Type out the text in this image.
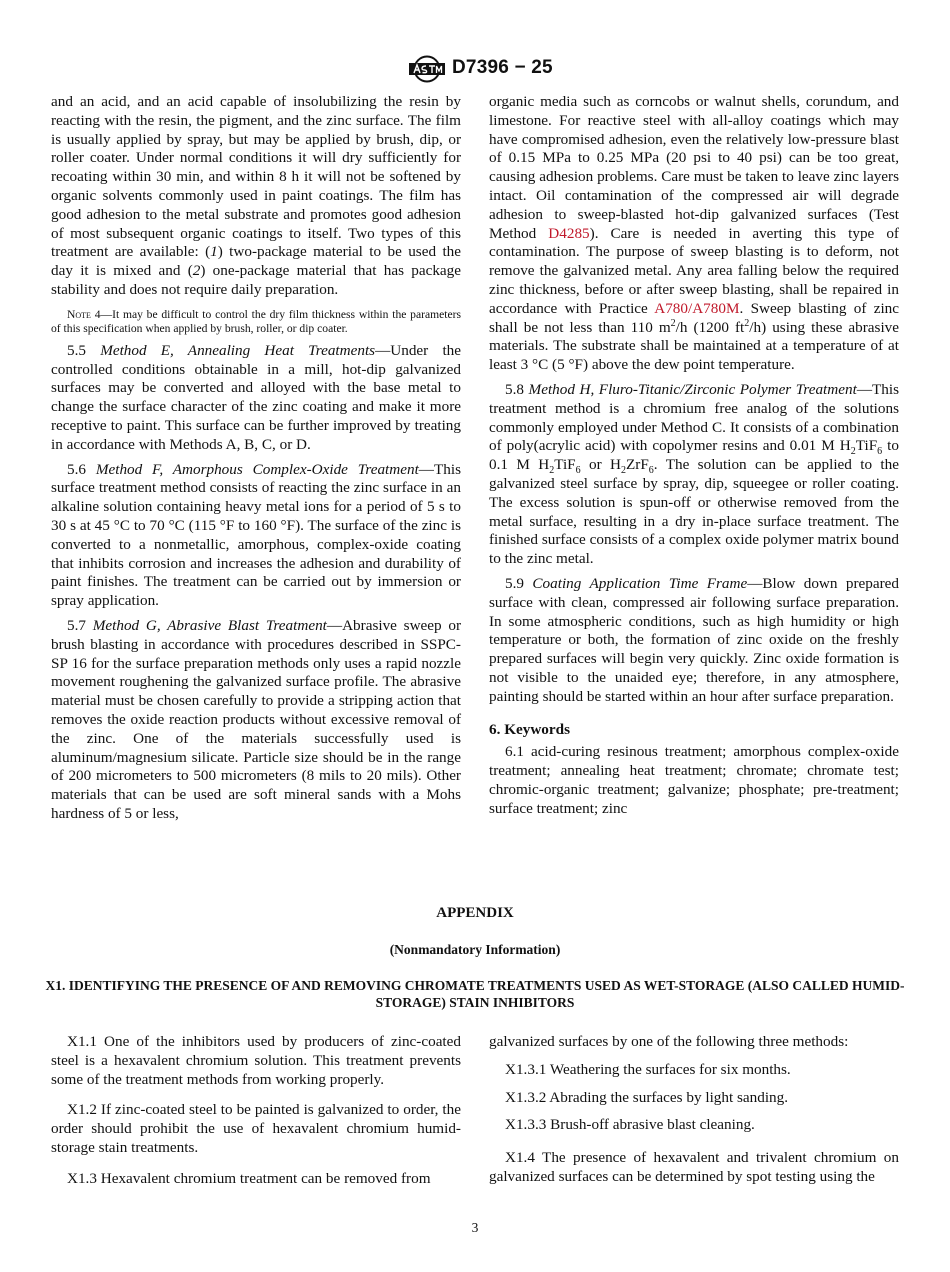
D7396 − 25

and an acid, and an acid capable of insolubilizing the resin by reacting with the resin, the pigment, and the zinc surface. The film is usually applied by spray, but may be applied by brush, dip, or roller coater. Under normal conditions it will dry sufficiently for recoating within 30 min, and within 8 h it will not be softened by organic solvents commonly used in paint coatings. The film has good adhesion to the metal substrate and promotes good adhesion of most subsequent organic coatings to itself. Two types of this treatment are available: (1) two-package material to be used the day it is mixed and (2) one-package material that has package stability and does not require daily preparation.

Note 4—It may be difficult to control the dry film thickness within the parameters of this specification when applied by brush, roller, or dip coater.

5.5 Method E, Annealing Heat Treatments—Under the controlled conditions obtainable in a mill, hot-dip galvanized surfaces may be converted and alloyed with the base metal to change the surface character of the zinc coating and make it more receptive to paint. This surface can be further improved by treating in accordance with Methods A, B, C, or D.

5.6 Method F, Amorphous Complex-Oxide Treatment—This surface treatment method consists of reacting the zinc surface in an alkaline solution containing heavy metal ions for a period of 5 s to 30 s at 45 °C to 70 °C (115 °F to 160 °F). The surface of the zinc is converted to a nonmetallic, amorphous, complex-oxide coating that inhibits corrosion and increases the adhesion and durability of paint finishes. The treatment can be carried out by immersion or spray application.

5.7 Method G, Abrasive Blast Treatment—Abrasive sweep or brush blasting in accordance with procedures described in SSPC-SP 16 for the surface preparation methods only uses a rapid nozzle movement roughening the galvanized surface profile. The abrasive material must be chosen carefully to provide a stripping action that removes the oxide reaction products without excessive removal of the zinc. One of the materials successfully used is aluminum/magnesium silicate. Particle size should be in the range of 200 micrometers to 500 micrometers (8 mils to 20 mils). Other materials that can be used are soft mineral sands with a Mohs hardness of 5 or less,

organic media such as corncobs or walnut shells, corundum, and limestone. For reactive steel with all-alloy coatings which may have compromised adhesion, even the relatively low-pressure blast of 0.15 MPa to 0.25 MPa (20 psi to 40 psi) can be too great, causing adhesion problems. Care must be taken to leave zinc layers intact. Oil contamination of the compressed air will degrade adhesion to sweep-blasted hot-dip galvanized surfaces (Test Method D4285). Care is needed in averting this type of contamination. The purpose of sweep blasting is to deform, not remove the galvanized metal. Any area falling below the required zinc thickness, before or after sweep blasting, shall be repaired in accordance with Practice A780/A780M. Sweep blasting of zinc shall be not less than 110 $m^2/h$ (1200 $ft^2/h$) using these abrasive materials. The substrate shall be maintained at a temperature of at least 3 °C (5 °F) above the dew point temperature.

5.8 Method H, Fluro-Titanic/Zirconic Polymer Treatment—This treatment method is a chromium free analog of the solutions commonly employed under Method C. It consists of a combination of poly(acrylic acid) with copolymer resins and 0.01 M $H_2TiF_6$ to 0.1 M $H_2TiF_6$ or $H_2ZrF_6$. The solution can be applied to the galvanized steel surface by spray, dip, squeegee or roller coating. The excess solution is spun-off or otherwise removed from the metal surface, resulting in a dry in-place surface treatment. The finished surface consists of a complex oxide polymer matrix bound to the zinc metal.

5.9 Coating Application Time Frame—Blow down prepared surface with clean, compressed air following surface preparation. In some atmospheric conditions, such as high humidity or high temperature or both, the formation of zinc oxide on the freshly prepared surfaces will begin very quickly. Zinc oxide formation is not visible to the unaided eye; therefore, in any atmosphere, painting should be started within an hour after surface preparation.

6. Keywords

6.1 acid-curing resinous treatment; amorphous complex-oxide treatment; annealing heat treatment; chromate; chromate test; chromic-organic treatment; galvanize; phosphate; pre-treatment; surface treatment; zinc

APPENDIX
(Nonmandatory Information)
X1. IDENTIFYING THE PRESENCE OF AND REMOVING CHROMATE TREATMENTS USED AS WET-STORAGE (ALSO CALLED HUMID-STORAGE) STAIN INHIBITORS

X1.1 One of the inhibitors used by producers of zinc-coated steel is a hexavalent chromium solution. This treatment prevents some of the treatment methods from working properly.

X1.2 If zinc-coated steel to be painted is galvanized to order, the order should prohibit the use of hexavalent chromium humid-storage stain treatments.

X1.3 Hexavalent chromium treatment can be removed from

galvanized surfaces by one of the following three methods:

X1.3.1 Weathering the surfaces for six months.

X1.3.2 Abrading the surfaces by light sanding.

X1.3.3 Brush-off abrasive blast cleaning.

X1.4 The presence of hexavalent and trivalent chromium on galvanized surfaces can be determined by spot testing using the

3
